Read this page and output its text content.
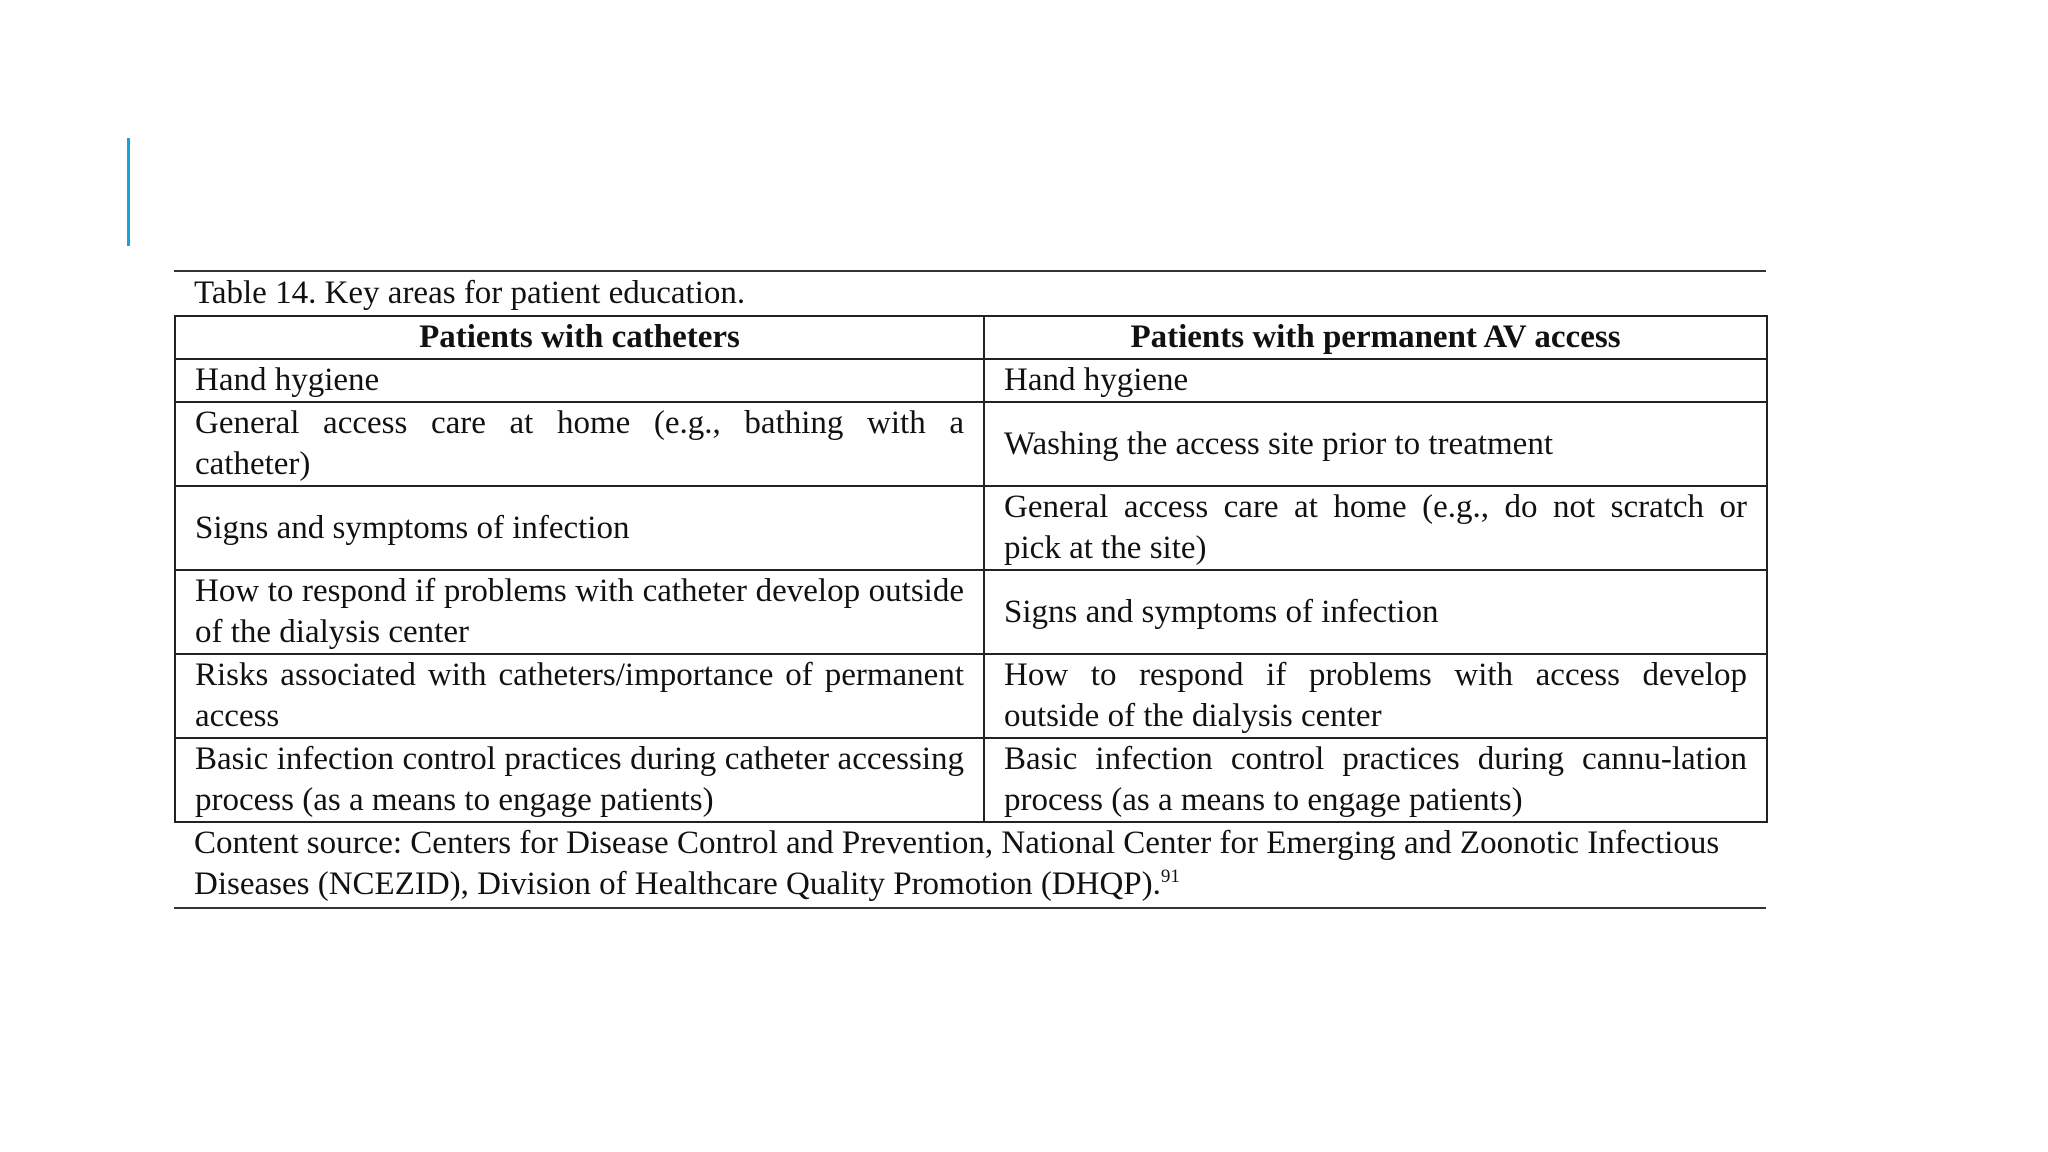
Table 14. Key areas for patient education.
Patients with catheters	Patients with permanent AV access
Hand hygiene	Hand hygiene
General access care at home (e.g., bathing with a catheter)	Washing the access site prior to treatment
Signs and symptoms of infection	General access care at home (e.g., do not scratch or pick at the site)
How to respond if problems with catheter develop outside of the dialysis center	Signs and symptoms of infection
Risks associated with catheters/importance of permanent access	How to respond if problems with access develop outside of the dialysis center
Basic infection control practices during catheter accessing process (as a means to engage patients)	Basic infection control practices during cannu-lation process (as a means to engage patients)
Content source: Centers for Disease Control and Prevention, National Center for Emerging and Zoonotic Infectious Diseases (NCEZID), Division of Healthcare Quality Promotion (DHQP).$^{91}$
